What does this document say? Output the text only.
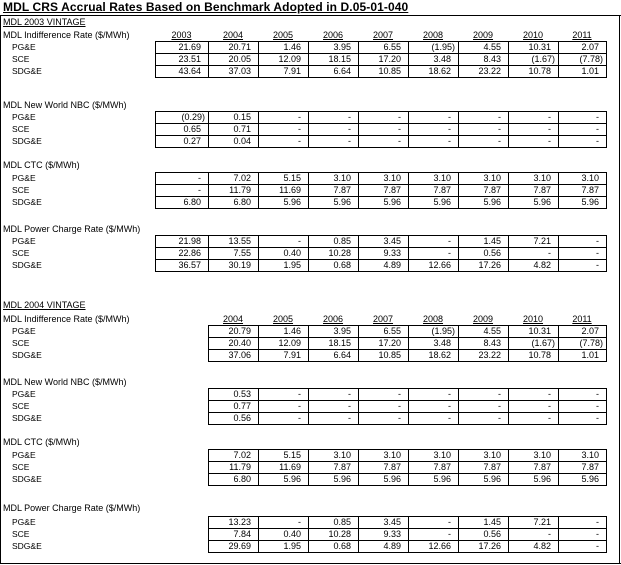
MDL CRS Accrual Rates Based on Benchmark Adopted in D.05-01-040
MDL 2003 VINTAGE
2003	2004	2005	2006	2007	2008	2009	2010	2011
MDL Indifference Rate ($/MWh)
PG&E	21.69	20.71	1.46	3.95	6.55	(1.95)	4.55	10.31	2.07
SCE	23.51	20.05	12.09	18.15	17.20	3.48	8.43	(1.67)	(7.78)
SDG&E	43.64	37.03	7.91	6.64	10.85	18.62	23.22	10.78	1.01
MDL New World NBC ($/MWh)
PG&E	(0.29)	0.15	-	-	-	-	-	-	-
SCE	0.65	0.71	-	-	-	-	-	-	-
SDG&E	0.27	0.04	-	-	-	-	-	-	-
MDL CTC ($/MWh)
PG&E	-	7.02	5.15	3.10	3.10	3.10	3.10	3.10	3.10
SCE	-	11.79	11.69	7.87	7.87	7.87	7.87	7.87	7.87
SDG&E	6.80	6.80	5.96	5.96	5.96	5.96	5.96	5.96	5.96
MDL Power Charge Rate ($/MWh)
PG&E	21.98	13.55	-	0.85	3.45	-	1.45	7.21	-
SCE	22.86	7.55	0.40	10.28	9.33	-	0.56	-	-
SDG&E	36.57	30.19	1.95	0.68	4.89	12.66	17.26	4.82	-
MDL 2004 VINTAGE
2004	2005	2006	2007	2008	2009	2010	2011
MDL Indifference Rate ($/MWh)
PG&E	20.79	1.46	3.95	6.55	(1.95)	4.55	10.31	2.07
SCE	20.40	12.09	18.15	17.20	3.48	8.43	(1.67)	(7.78)
SDG&E	37.06	7.91	6.64	10.85	18.62	23.22	10.78	1.01
MDL New World NBC ($/MWh)
PG&E	0.53	-	-	-	-	-	-	-
SCE	0.77	-	-	-	-	-	-	-
SDG&E	0.56	-	-	-	-	-	-	-
MDL CTC ($/MWh)
PG&E	7.02	5.15	3.10	3.10	3.10	3.10	3.10	3.10
SCE	11.79	11.69	7.87	7.87	7.87	7.87	7.87	7.87
SDG&E	6.80	5.96	5.96	5.96	5.96	5.96	5.96	5.96
MDL Power Charge Rate ($/MWh)
PG&E	13.23	-	0.85	3.45	-	1.45	7.21	-
SCE	7.84	0.40	10.28	9.33	-	0.56	-	-
SDG&E	29.69	1.95	0.68	4.89	12.66	17.26	4.82	-
